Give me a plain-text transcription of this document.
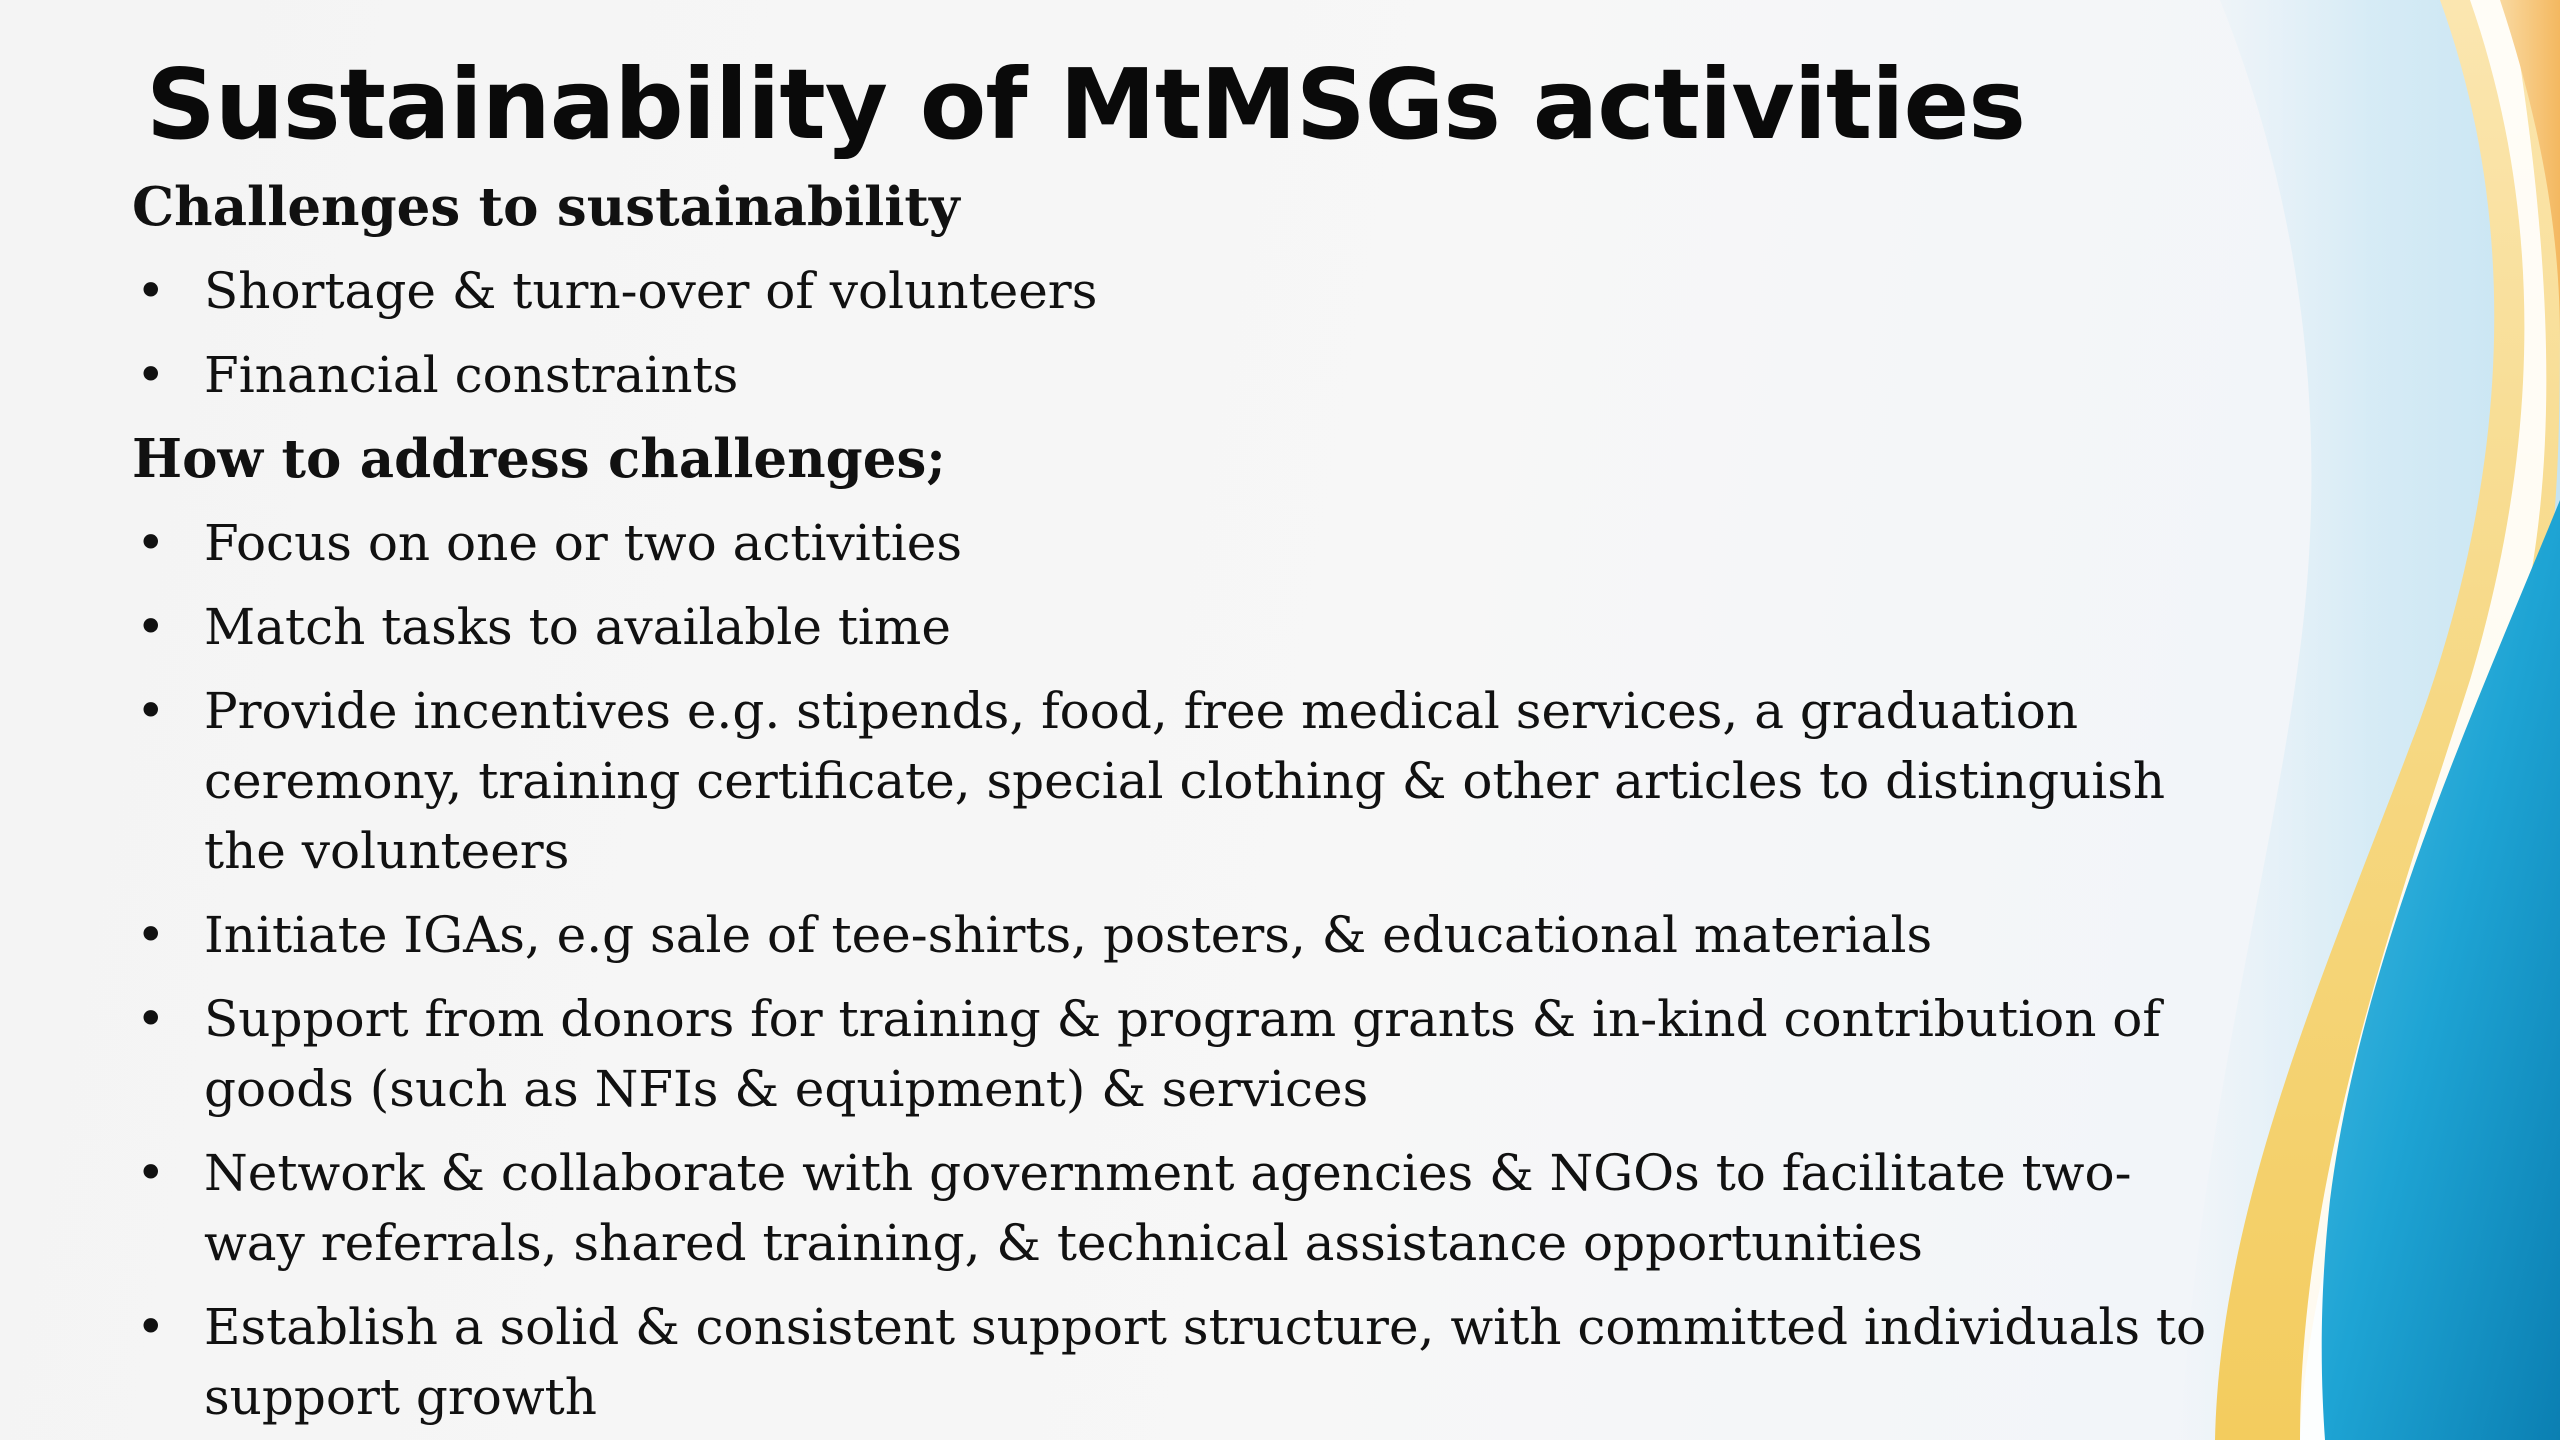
Sustainability of MtMSGs activities
Challenges to sustainability
• Shortage & turn-over of volunteers
• Financial constraints
How to address challenges;
• Focus on one or two activities
• Match tasks to available time
• Provide incentives e.g. stipends, food, free medical services, a graduation ceremony, training certificate, special clothing & other articles to distinguish the volunteers
• Initiate IGAs, e.g sale of tee-shirts, posters, & educational materials
• Support from donors for training & program grants & in-kind contribution of goods (such as NFIs & equipment) & services
• Network & collaborate with government agencies & NGOs to facilitate two-way referrals, shared training, & technical assistance opportunities
• Establish a solid & consistent support structure, with committed individuals to support growth
